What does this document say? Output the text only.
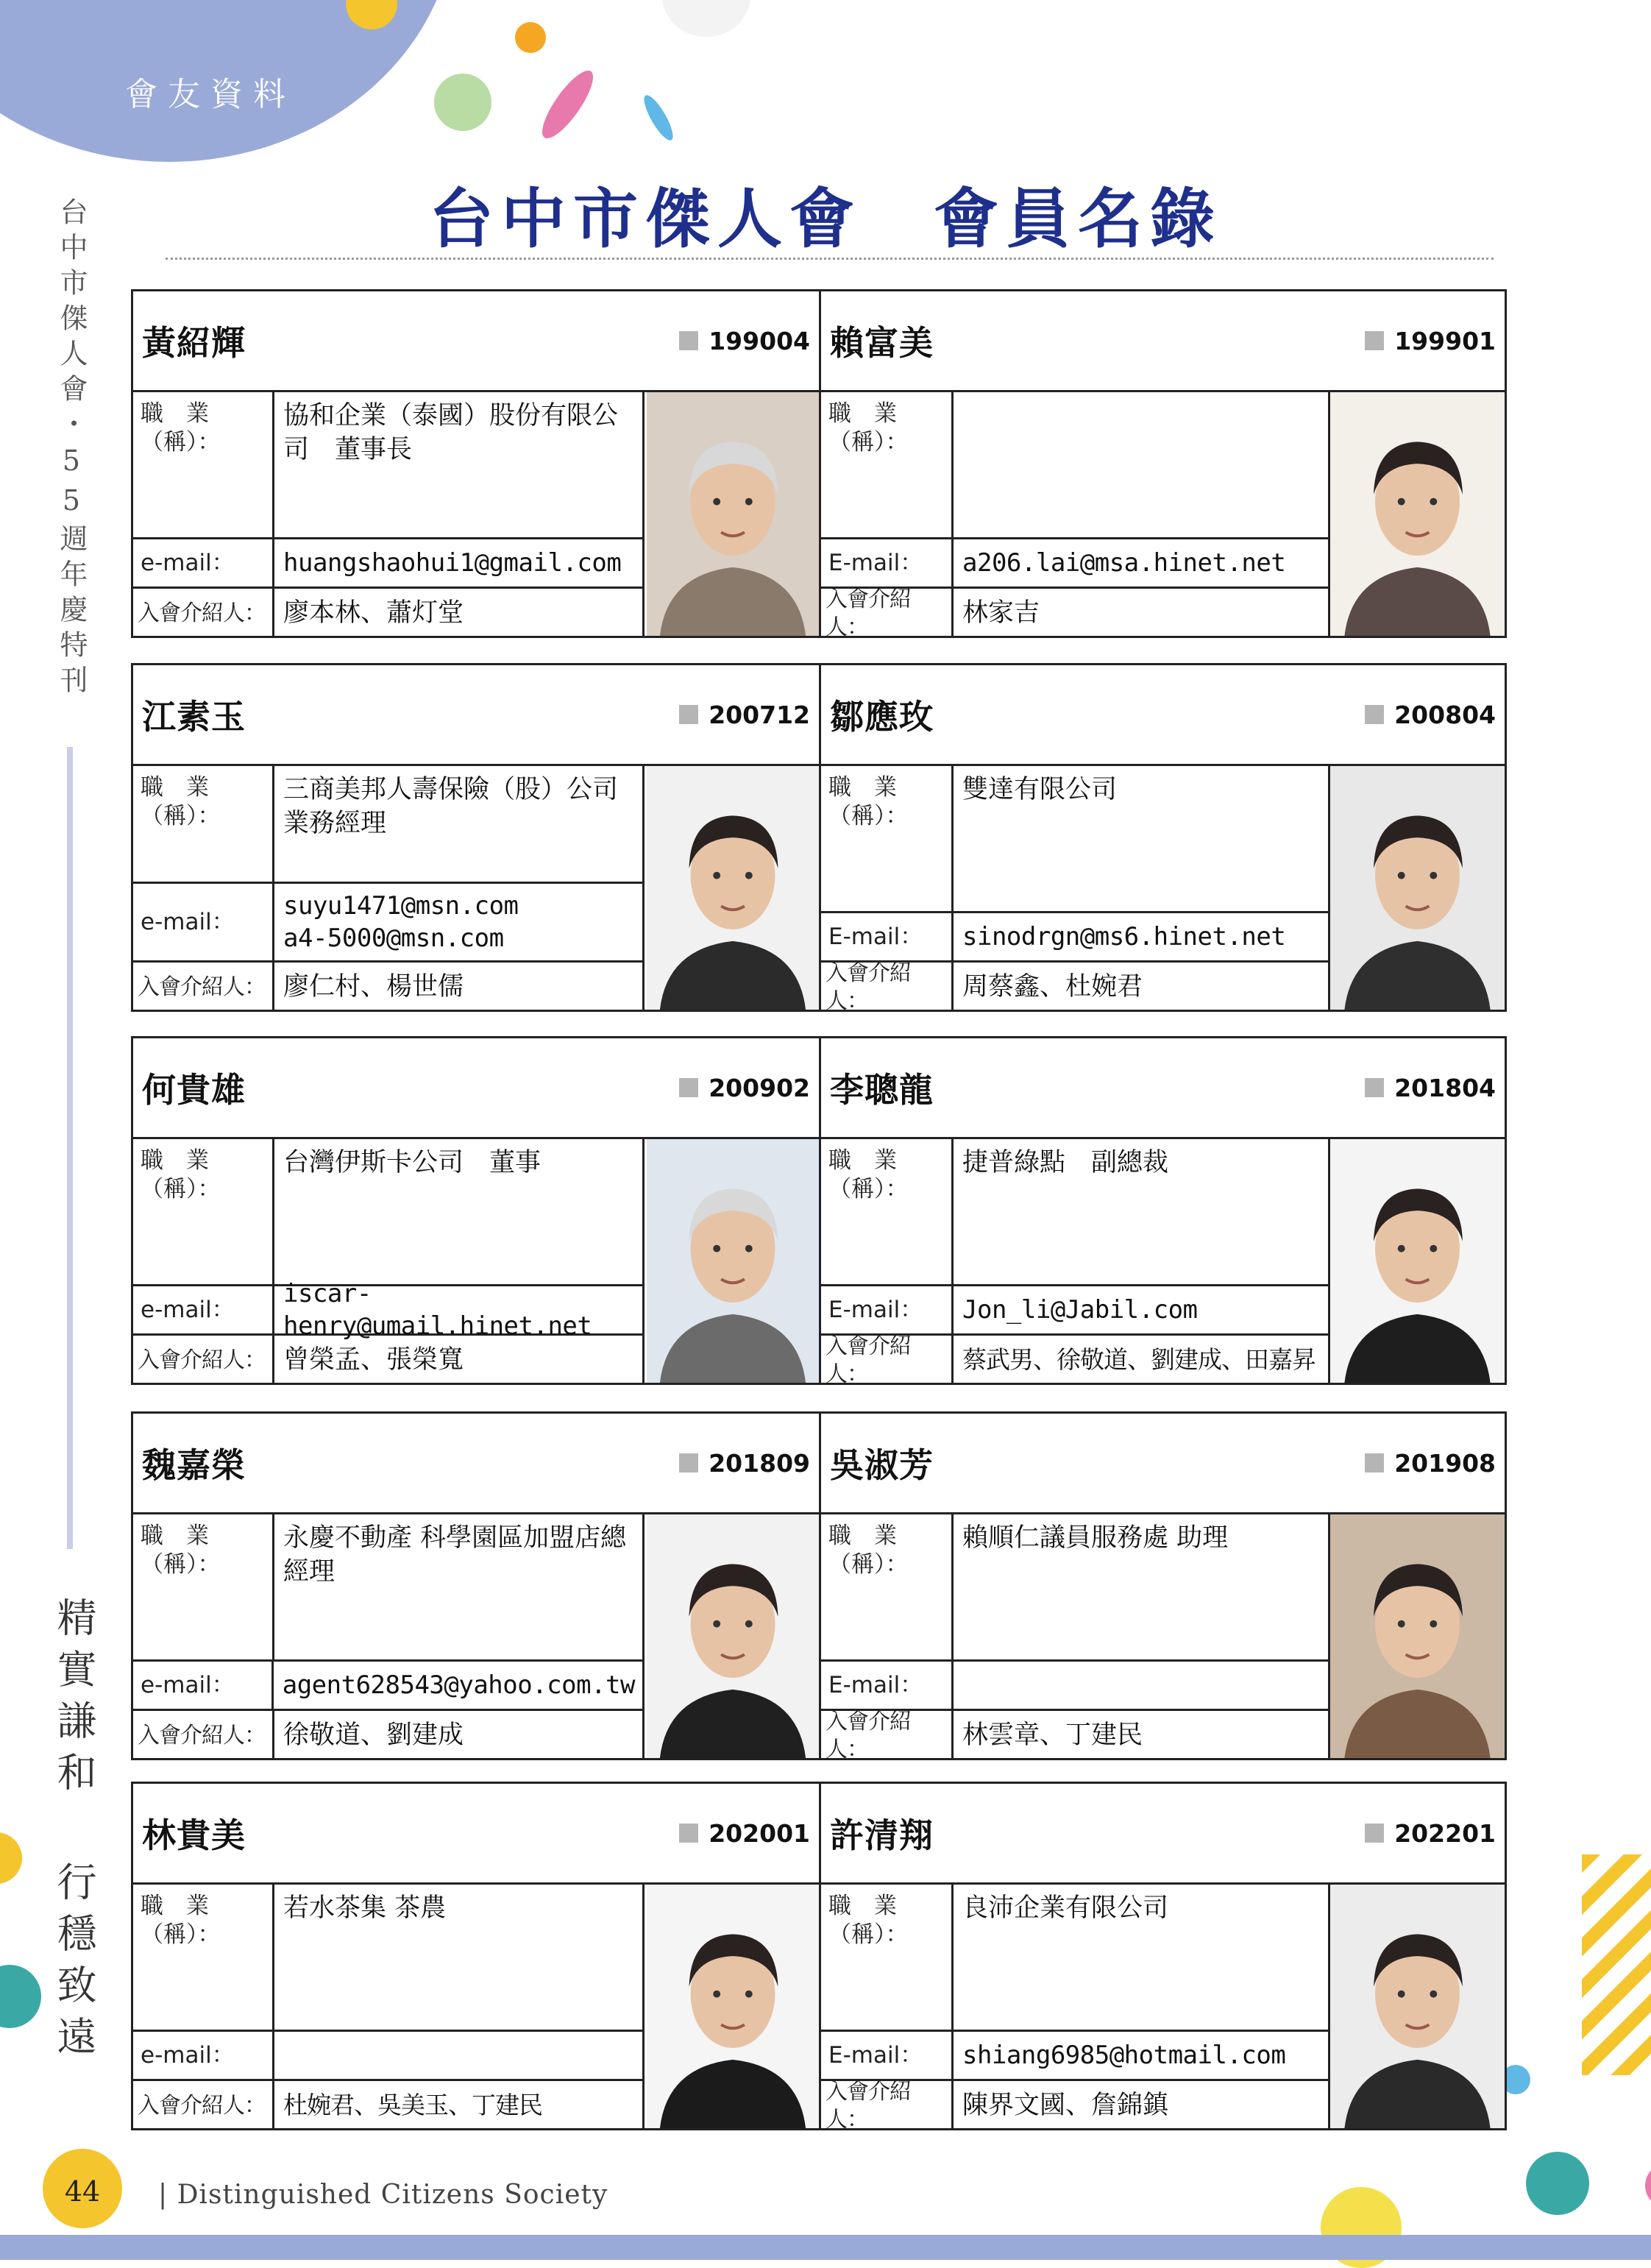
會友資料
台中市傑人會・55週年慶特刊
精實謙和 行穩致遠
台中市傑人會　會員名錄
黃紹輝	199004
職　業
（稱）：
協和企業（泰國）股份有限公司　董事長
e-mail：	huangshaohui1@gmail.com
入會介紹人： 廖本林、蕭灯堂
賴富美	199901
職　業
（稱）：
E-mail：	a206.lai@msa.hinet.net
入會介紹人：	林家吉
江素玉	200712
職　業
（稱）：
三商美邦人壽保險（股）公司業務經理
e-mail：
suyu1471@msn.com
a4-5000@msn.com
入會介紹人： 廖仁村、楊世儒
鄒應玫	200804
職　業
（稱）：
雙達有限公司
E-mail：	sinodrgn@ms6.hinet.net
入會介紹人：	周蔡鑫、杜婉君
何貴雄	200902
職　業
（稱）：
台灣伊斯卡公司　董事
e-mail：
iscar-henry@umail.hinet.net
入會介紹人： 曾榮孟、張榮寬
李聰龍	201804
職　業
（稱）：
捷普綠點　副總裁
E-mail：	Jon_li@Jabil.com
入會介紹人：	蔡武男、徐敬道、劉建成、田嘉昇
魏嘉榮	201809
職　業
（稱）：
永慶不動產 科學園區加盟店總經理
e-mail：	agent628543@yahoo.com.tw
入會介紹人： 徐敬道、劉建成
吳淑芳	201908
職　業
（稱）：
賴順仁議員服務處 助理
E-mail：
入會介紹人：	林雲章、丁建民
林貴美	202001
職　業
（稱）：
若水茶集 茶農
e-mail：
入會介紹人： 杜婉君、吳美玉、丁建民
許清翔	202201
職　業
（稱）：
良沛企業有限公司
E-mail：	shiang6985@hotmail.com
入會介紹人：	陳界文國、詹錦鎮
44	| Distinguished Citizens Society
